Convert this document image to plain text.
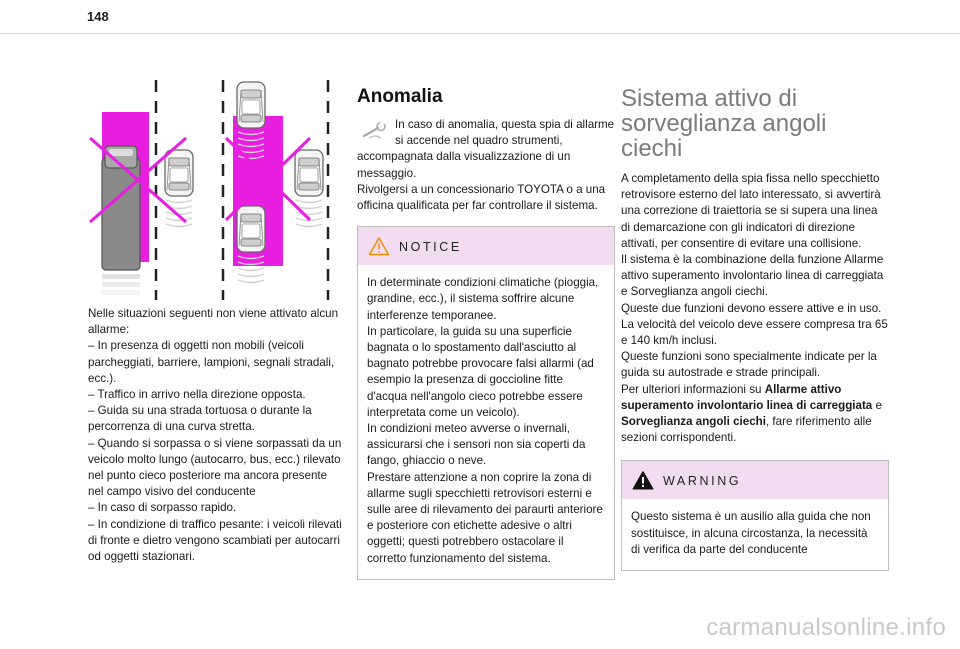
148

Nelle situazioni seguenti non viene attivato alcun allarme:
– In presenza di oggetti non mobili (veicoli parcheggiati, barriere, lampioni, segnali stradali, ecc.).
– Traffico in arrivo nella direzione opposta.
– Guida su una strada tortuosa o durante la percorrenza di una curva stretta.
– Quando si sorpassa o si viene sorpassati da un veicolo molto lungo (autocarro, bus, ecc.) rilevato nel punto cieco posteriore ma ancora presente nel campo visivo del conducente
– In caso di sorpasso rapido.
– In condizione di traffico pesante: i veicoli rilevati di fronte e dietro vengono scambiati per autocarri od oggetti stazionari.

Anomalia

In caso di anomalia, questa spia di allarme si accende nel quadro strumenti,

accompagnata dalla visualizzazione di un messaggio.
Rivolgersi a un concessionario TOYOTA o a una officina qualificata per far controllare il sistema.

NOTICE

In determinate condizioni climatiche (pioggia, grandine, ecc.), il sistema soffrire alcune interferenze temporanee.
In particolare, la guida su una superficie bagnata o lo spostamento dall'asciutto al bagnato potrebbe provocare falsi allarmi (ad esempio la presenza di goccioline fitte d'acqua nell'angolo cieco potrebbe essere interpretata come un veicolo).
In condizioni meteo avverse o invernali, assicurarsi che i sensori non sia coperti da fango, ghiaccio o neve.
Prestare attenzione a non coprire la zona di allarme sugli specchietti retrovisori esterni e sulle aree di rilevamento dei paraurti anteriore e posteriore con etichette adesive o altri oggetti; questi potrebbero ostacolare il corretto funzionamento del sistema.

Sistema attivo di sorveglianza angoli ciechi

A completamento della spia fissa nello specchietto retrovisore esterno del lato interessato, si avvertirà una correzione di traiettoria se si supera una linea di demarcazione con gli indicatori di direzione attivati, per consentire di evitare una collisione.
Il sistema è la combinazione della funzione Allarme attivo superamento involontario linea di carreggiata e Sorveglianza angoli ciechi.
Queste due funzioni devono essere attive e in uso.
La velocità del veicolo deve essere compresa tra 65 e 140 km/h inclusi.
Queste funzioni sono specialmente indicate per la guida su autostrade e strade principali.
Per ulteriori informazioni su Allarme attivo superamento involontario linea di carreggiata e Sorveglianza angoli ciechi, fare riferimento alle sezioni corrispondenti.

WARNING

Questo sistema è un ausilio alla guida che non sostituisce, in alcuna circostanza, la necessità di verifica da parte del conducente

carmanualsonline.info
